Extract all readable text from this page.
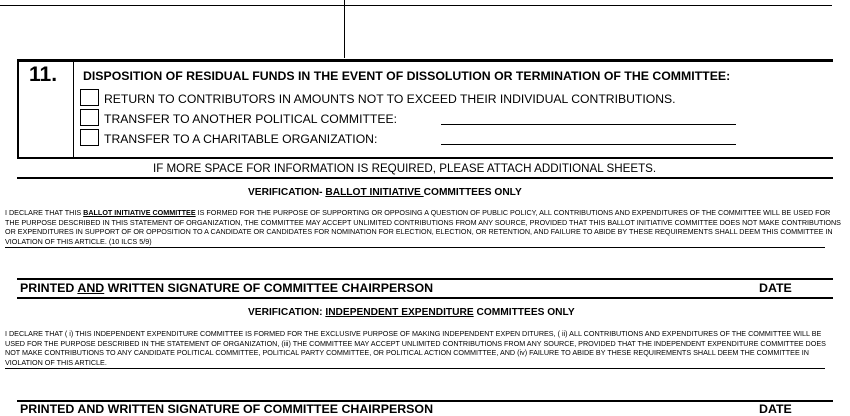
11. DISPOSITION OF RESIDUAL FUNDS IN THE EVENT OF DISSOLUTION OR TERMINATION OF THE COMMITTEE:
RETURN TO CONTRIBUTORS IN AMOUNTS NOT TO EXCEED THEIR INDIVIDUAL CONTRIBUTIONS.
TRANSFER TO ANOTHER POLITICAL COMMITTEE:
TRANSFER TO A CHARITABLE ORGANIZATION:
IF MORE SPACE FOR INFORMATION IS REQUIRED, PLEASE ATTACH ADDITIONAL SHEETS.
VERIFICATION- BALLOT INITIATIVE COMMITTEES ONLY
I DECLARE THAT THIS BALLOT INITIATIVE COMMITTEE IS FORMED FOR THE PURPOSE OF SUPPORTING OR OPPOSING A QUESTION OF PUBLIC POLICY, ALL CONTRIBUTIONS AND EXPENDITURES OF THE COMMITTEE WILL BE USED FOR THE PURPOSE DESCRIBED IN THIS STATEMENT OF ORGANIZATION, THE COMMITTEE MAY ACCEPT UNLIMITED CONTRIBUTIONS FROM ANY SOURCE, PROVIDED THAT THIS BALLOT INITIATIVE COMMITTEE DOES NOT MAKE CONTRIBUTIONS OR EXPENDITURES IN SUPPORT OF OR OPPOSITION TO A CANDIDATE OR CANDIDATES FOR NOMINATION FOR ELECTION, ELECTION, OR RETENTION, AND FAILURE TO ABIDE BY THESE REQUIREMENTS SHALL DEEM THIS COMMITTEE IN VIOLATION OF THIS ARTICLE. (10 ILCS 5/9)
PRINTED AND WRITTEN SIGNATURE OF COMMITTEE CHAIRPERSON	DATE
VERIFICATION: INDEPENDENT EXPENDITURE COMMITTEES ONLY
I DECLARE THAT ( i) THIS INDEPENDENT EXPENDITURE COMMITTEE IS FORMED FOR THE EXCLUSIVE PURPOSE OF MAKING INDEPENDENT EXPEN DITURES, ( ii) ALL CONTRIBUTIONS AND EXPENDITURES OF THE COMMITTEE WILL BE USED FOR THE PURPOSE DESCRIBED IN THE STATEMENT OF ORGANIZATION, (iii) THE COMMITTEE MAY ACCEPT UNLIMITED CONTRIBUTIONS FROM ANY SOURCE, PROVIDED THAT THE INDEPENDENT EXPENDITURE COMMITTEE DOES NOT MAKE CONTRIBUTIONS TO ANY CANDIDATE POLITICAL COMMITTEE, POLITICAL PARTY COMMITTEE, OR POLITICAL ACTION COMMITTEE, AND (iv) FAILURE TO ABIDE BY THESE REQUIREMENTS SHALL DEEM THE COMMITTEE IN VIOLATION OF THIS ARTICLE.
PRINTED AND WRITTEN SIGNATURE OF COMMITTEE CHAIRPERSON	DATE
